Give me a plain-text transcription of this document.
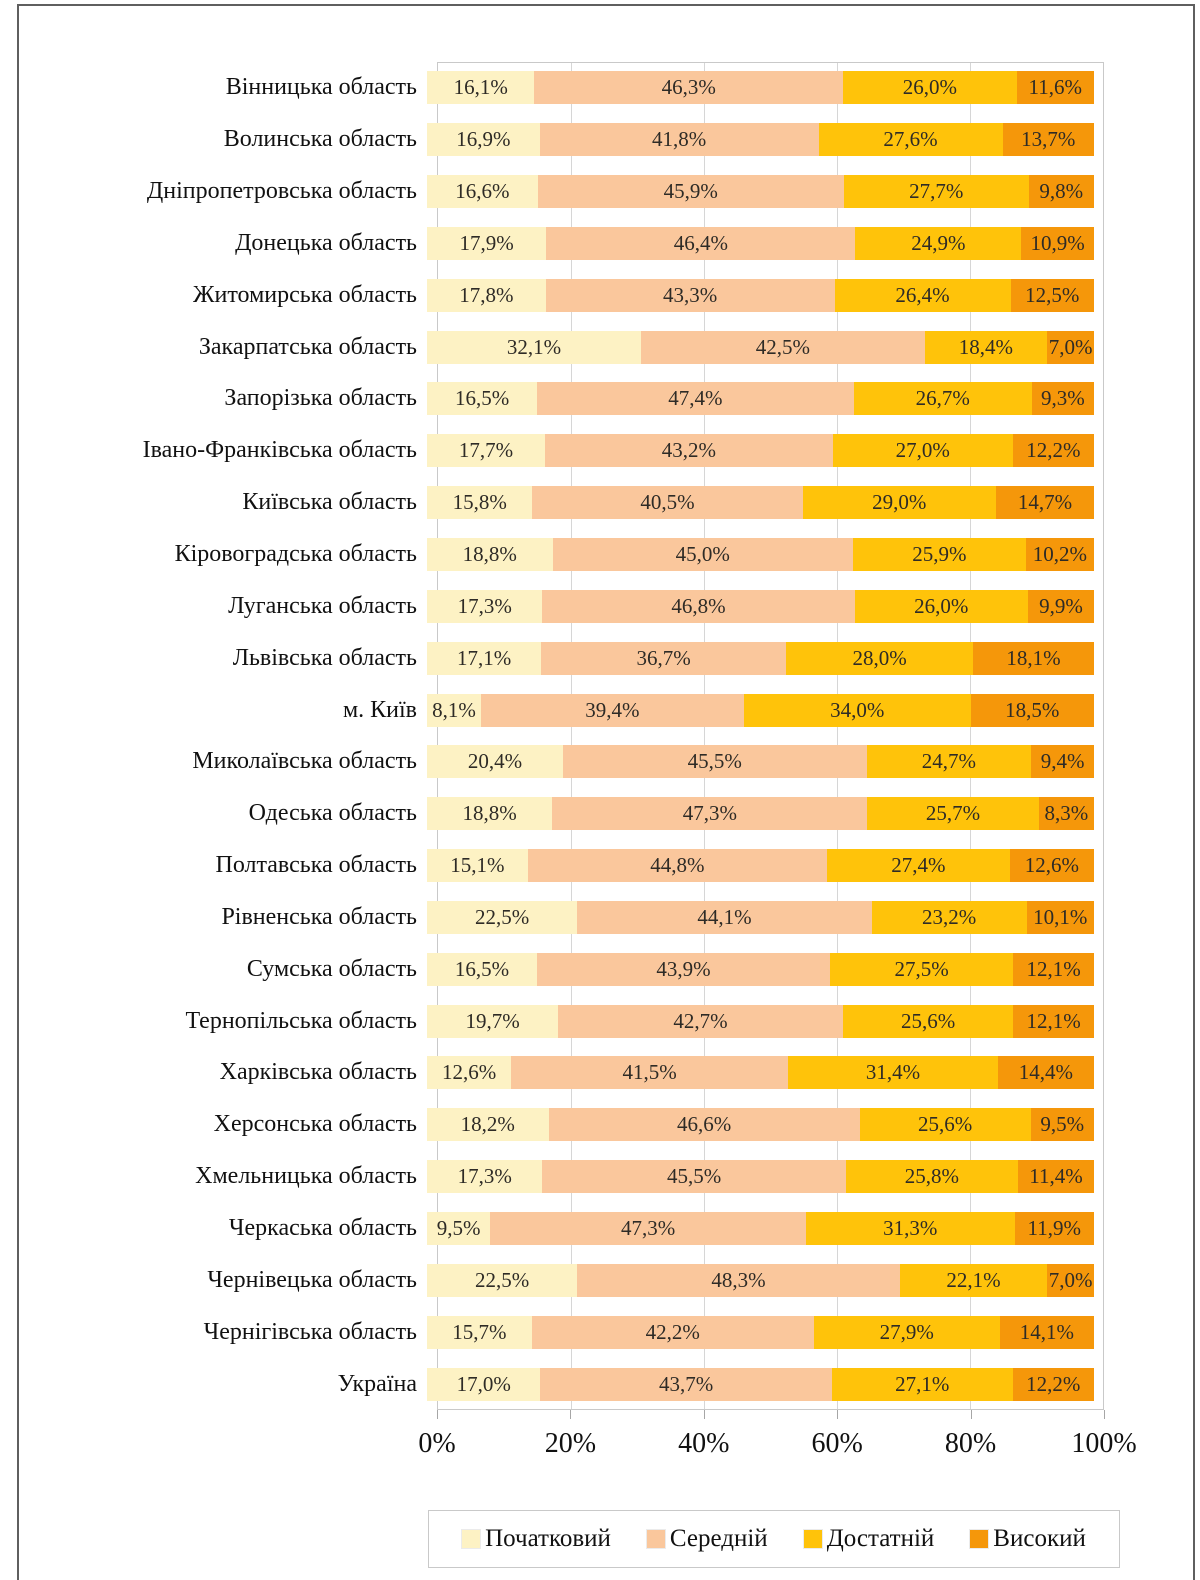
Вінницька область	16,1%	46,3%	26,0%	11,6%
Волинська область	16,9%	41,8%	27,6%	13,7%
Дніпропетровська область	16,6%	45,9%	27,7%	9,8%
Донецька область	17,9%	46,4%	24,9%	10,9%
Житомирська область	17,8%	43,3%	26,4%	12,5%
Закарпатська область	32,1%	42,5%	18,4%	7,0%
Запорізька область	16,5%	47,4%	26,7%	9,3%
Івано-Франківська область	17,7%	43,2%	27,0%	12,2%
Київська область	15,8%	40,5%	29,0%	14,7%
Кіровоградська область	18,8%	45,0%	25,9%	10,2%
Луганська область	17,3%	46,8%	26,0%	9,9%
Львівська область	17,1%	36,7%	28,0%	18,1%
м. Київ 8,1%	39,4%	34,0%	18,5%
Миколаївська область	20,4%	45,5%	24,7%	9,4%
Одеська область	18,8%	47,3%	25,7%	8,3%
Полтавська область	15,1%	44,8%	27,4%	12,6%
Рівненська область	22,5%	44,1%	23,2%	10,1%
Сумська область	16,5%	43,9%	27,5%	12,1%
Тернопільська область	19,7%	42,7%	25,6%	12,1%
Харківська область	12,6%	41,5%	31,4%	14,4%
Херсонська область	18,2%	46,6%	25,6%	9,5%
Хмельницька область	17,3%	45,5%	25,8%	11,4%
Черкаська область 9,5%	47,3%	31,3%	11,9%
Чернівецька область	22,5%	48,3%	22,1%	7,0%
Чернігівська область	15,7%	42,2%	27,9%	14,1%
Україна	17,0%	43,7%	27,1%	12,2%
0%	20%	40%	60%	80%	100%
Початковий Середній Достатній Високий
